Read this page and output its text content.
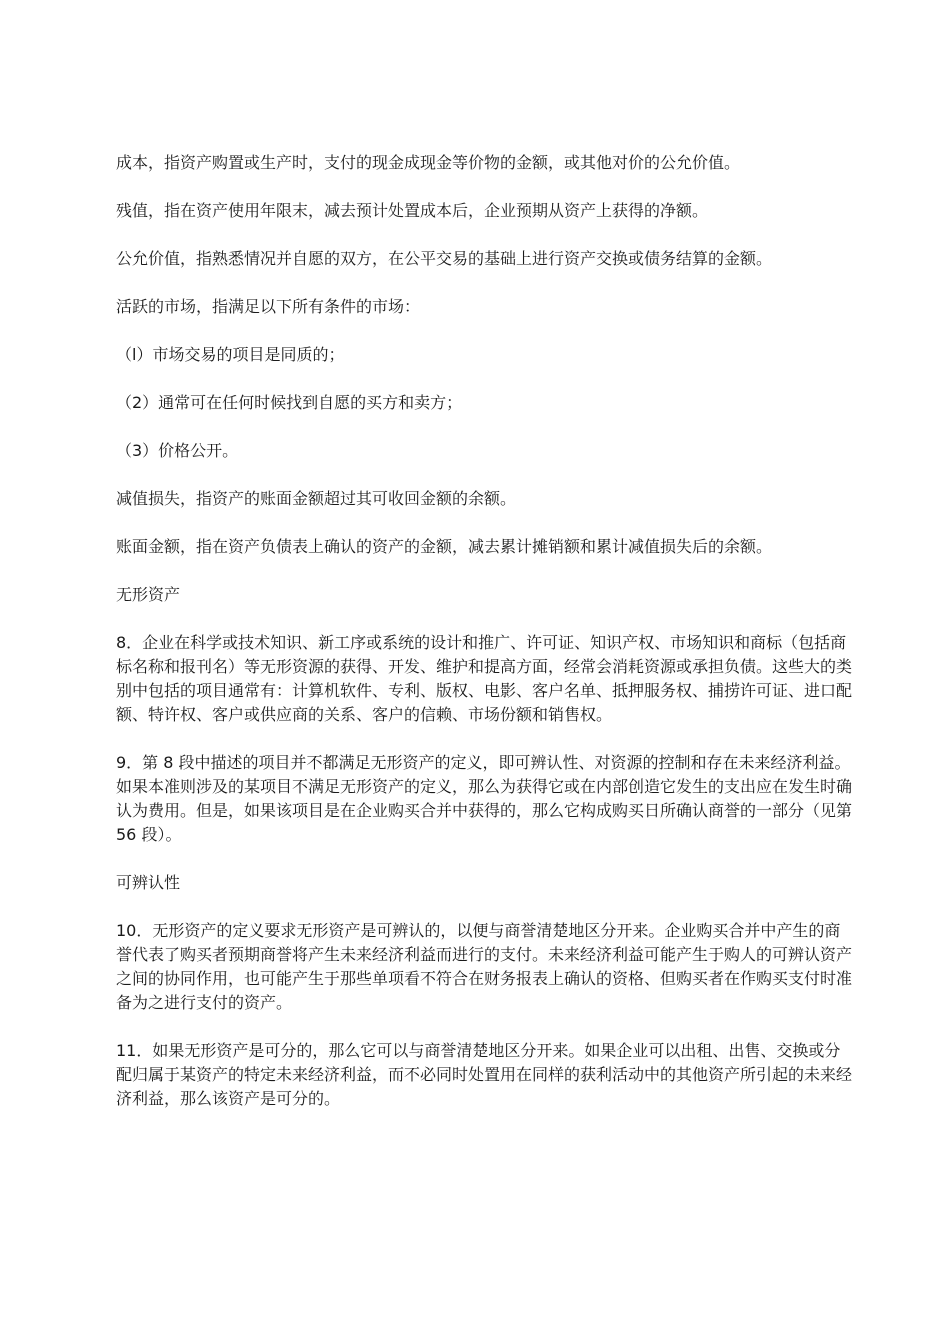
成本，指资产购置或生产时，支付的现金成现金等价物的金额，或其他对价的公允价值。

残值，指在资产使用年限末，减去预计处置成本后，企业预期从资产上获得的净额。

公允价值，指熟悉情况并自愿的双方，在公平交易的基础上进行资产交换或债务结算的金额。

活跃的市场，指满足以下所有条件的市场：

（l）市场交易的项目是同质的；

（2）通常可在任何时候找到自愿的买方和卖方；

（3）价格公开。

减值损失，指资产的账面金额超过其可收回金额的余额。

账面金额，指在资产负债表上确认的资产的金额，减去累计摊销额和累计减值损失后的余额。

无形资产

8．企业在科学或技术知识、新工序或系统的设计和推广、许可证、知识产权、市场知识和商标（包括商标名称和报刊名）等无形资源的获得、开发、维护和提高方面，经常会消耗资源或承担负债。这些大的类别中包括的项目通常有：计算机软件、专利、版权、电影、客户名单、抵押服务权、捕捞许可证、进口配额、特许权、客户或供应商的关系、客户的信赖、市场份额和销售权。

9．第 8 段中描述的项目并不都满足无形资产的定义，即可辨认性、对资源的控制和存在未来经济利益。如果本准则涉及的某项目不满足无形资产的定义，那么为获得它或在内部创造它发生的支出应在发生时确认为费用。但是，如果该项目是在企业购买合并中获得的，那么它构成购买日所确认商誉的一部分（见第 56 段）。

可辨认性

10．无形资产的定义要求无形资产是可辨认的，以便与商誉清楚地区分开来。企业购买合并中产生的商誉代表了购买者预期商誉将产生未来经济利益而进行的支付。未来经济利益可能产生于购人的可辨认资产之间的协同作用，也可能产生于那些单项看不符合在财务报表上确认的资格、但购买者在作购买支付时准备为之进行支付的资产。

11．如果无形资产是可分的，那么它可以与商誉清楚地区分开来。如果企业可以出租、出售、交换或分配归属于某资产的特定未来经济利益，而不必同时处置用在同样的获利活动中的其他资产所引起的未来经济利益，那么该资产是可分的。
